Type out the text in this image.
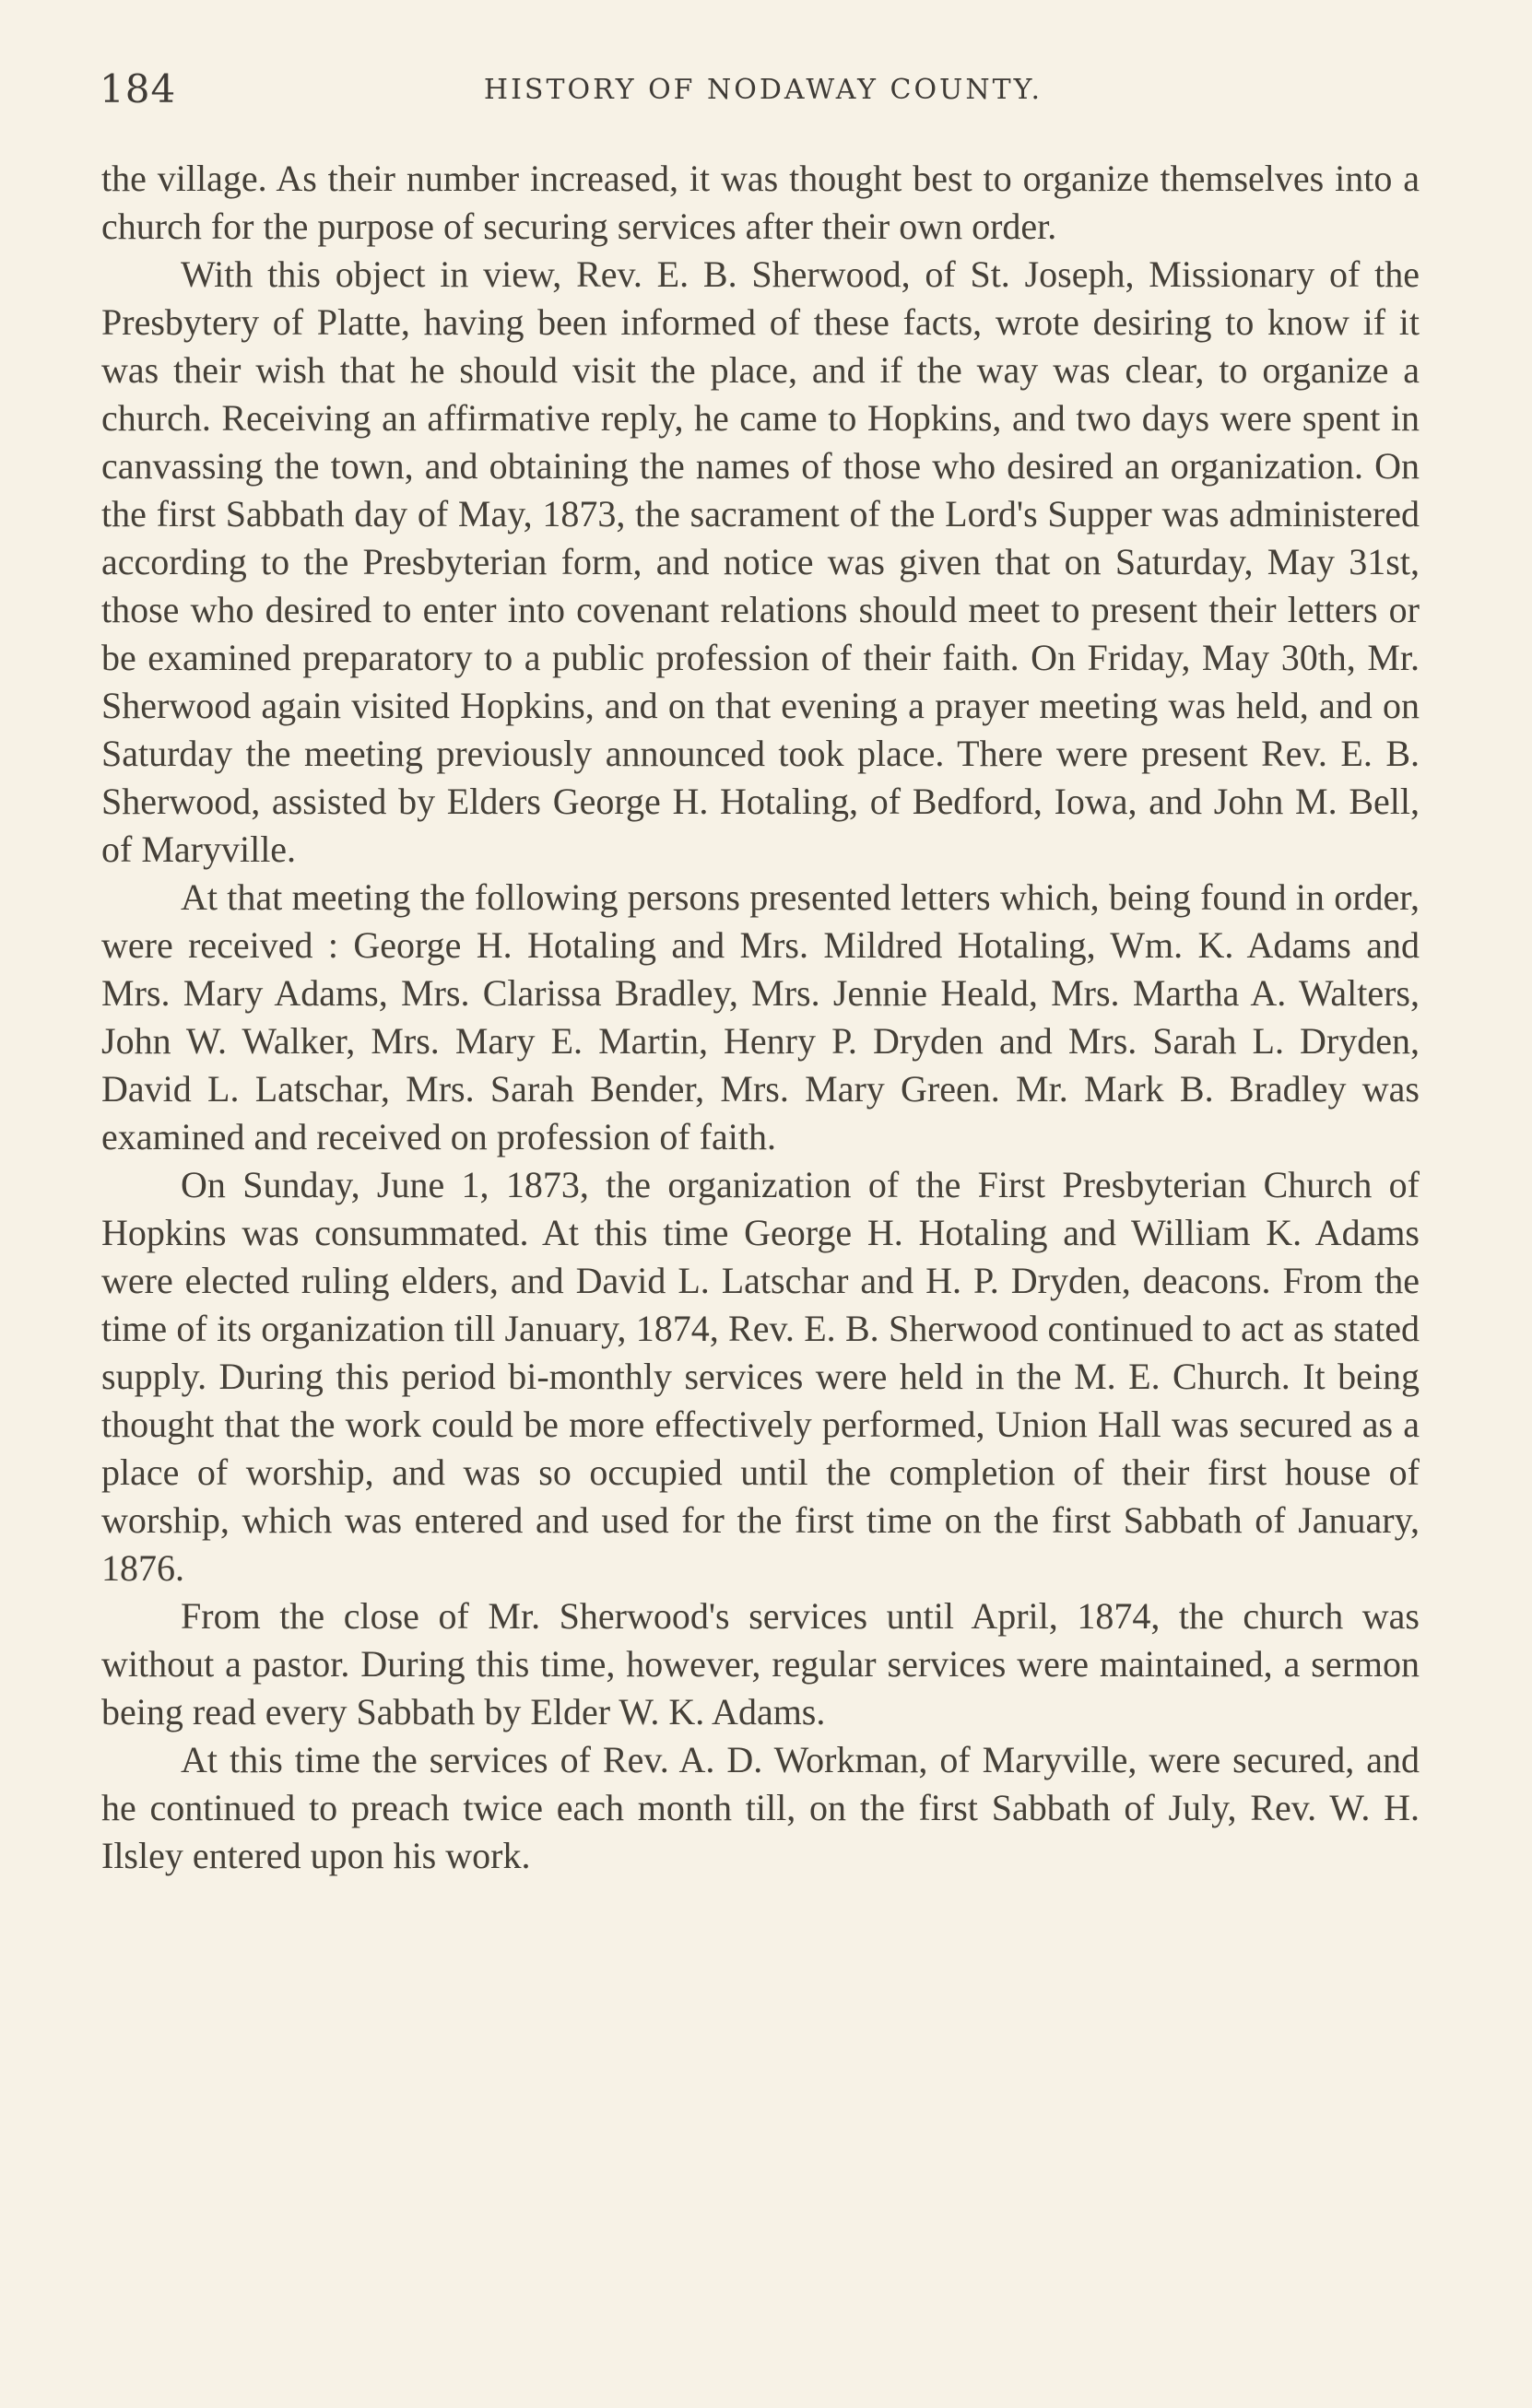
184	HISTORY OF NODAWAY COUNTY.

the village. As their number increased, it was thought best to organize themselves into a church for the purpose of securing services after their own order.

With this object in view, Rev. E. B. Sherwood, of St. Joseph, Missionary of the Presbytery of Platte, having been informed of these facts, wrote desiring to know if it was their wish that he should visit the place, and if the way was clear, to organize a church. Receiving an affirmative reply, he came to Hopkins, and two days were spent in canvassing the town, and obtaining the names of those who desired an organization. On the first Sabbath day of May, 1873, the sacrament of the Lord's Supper was administered according to the Presbyterian form, and notice was given that on Saturday, May 31st, those who desired to enter into covenant relations should meet to present their letters or be examined preparatory to a public profession of their faith. On Friday, May 30th, Mr. Sherwood again visited Hopkins, and on that evening a prayer meeting was held, and on Saturday the meeting previously announced took place. There were present Rev. E. B. Sherwood, assisted by Elders George H. Hotaling, of Bedford, Iowa, and John M. Bell, of Maryville.

At that meeting the following persons presented letters which, being found in order, were received : George H. Hotaling and Mrs. Mildred Hotaling, Wm. K. Adams and Mrs. Mary Adams, Mrs. Clarissa Bradley, Mrs. Jennie Heald, Mrs. Martha A. Walters, John W. Walker, Mrs. Mary E. Martin, Henry P. Dryden and Mrs. Sarah L. Dryden, David L. Latschar, Mrs. Sarah Bender, Mrs. Mary Green. Mr. Mark B. Bradley was examined and received on profession of faith.

On Sunday, June 1, 1873, the organization of the First Presbyterian Church of Hopkins was consummated. At this time George H. Hotaling and William K. Adams were elected ruling elders, and David L. Latschar and H. P. Dryden, deacons. From the time of its organization till January, 1874, Rev. E. B. Sherwood continued to act as stated supply. During this period bi-monthly services were held in the M. E. Church. It being thought that the work could be more effectively performed, Union Hall was secured as a place of worship, and was so occupied until the completion of their first house of worship, which was entered and used for the first time on the first Sabbath of January, 1876.

From the close of Mr. Sherwood's services until April, 1874, the church was without a pastor. During this time, however, regular services were maintained, a sermon being read every Sabbath by Elder W. K. Adams.

At this time the services of Rev. A. D. Workman, of Maryville, were secured, and he continued to preach twice each month till, on the first Sabbath of July, Rev. W. H. Ilsley entered upon his work.
